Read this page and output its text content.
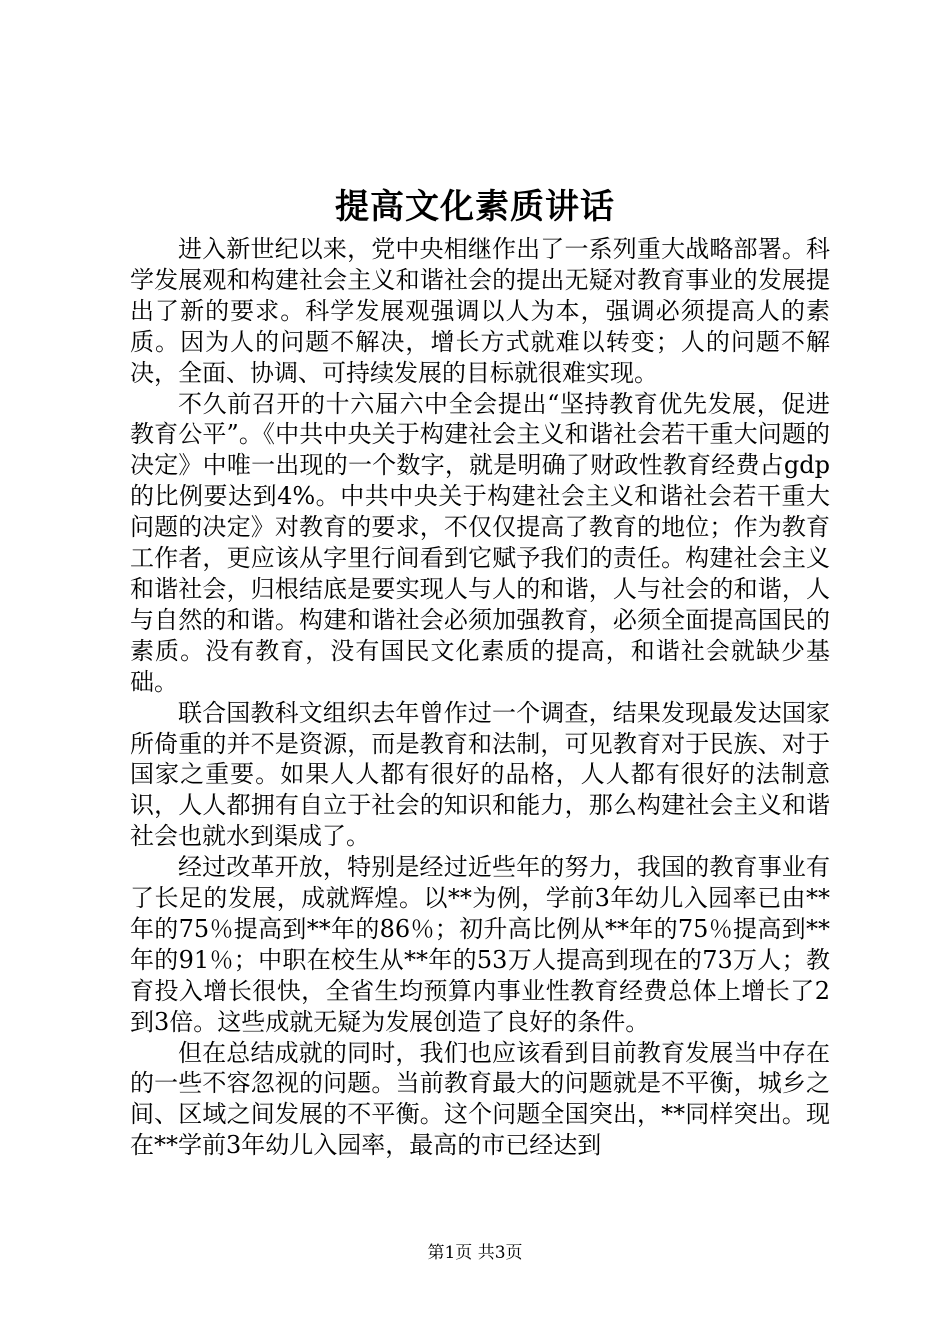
提高文化素质讲话

进入新世纪以来，党中央相继作出了一系列重大战略部署。科学发展观和构建社会主义和谐社会的提出无疑对教育事业的发展提出了新的要求。科学发展观强调以人为本，强调必须提高人的素质。因为人的问题不解决，增长方式就难以转变；人的问题不解决，全面、协调、可持续发展的目标就很难实现。

不久前召开的十六届六中全会提出“坚持教育优先发展，促进教育公平”。《中共中央关于构建社会主义和谐社会若干重大问题的决定》中唯一出现的一个数字，就是明确了财政性教育经费占gdp的比例要达到4%。中共中央关于构建社会主义和谐社会若干重大问题的决定》对教育的要求，不仅仅提高了教育的地位；作为教育工作者，更应该从字里行间看到它赋予我们的责任。构建社会主义和谐社会，归根结底是要实现人与人的和谐，人与社会的和谐，人与自然的和谐。构建和谐社会必须加强教育，必须全面提高国民的素质。没有教育，没有国民文化素质的提高，和谐社会就缺少基础。

联合国教科文组织去年曾作过一个调查，结果发现最发达国家所倚重的并不是资源，而是教育和法制，可见教育对于民族、对于国家之重要。如果人人都有很好的品格，人人都有很好的法制意识，人人都拥有自立于社会的知识和能力，那么构建社会主义和谐社会也就水到渠成了。

经过改革开放，特别是经过近些年的努力，我国的教育事业有了长足的发展，成就辉煌。以**为例，学前3年幼儿入园率已由**年的75％提高到**年的86％；初升高比例从**年的75％提高到**年的91％；中职在校生从**年的53万人提高到现在的73万人；教育投入增长很快，全省生均预算内事业性教育经费总体上增长了2到3倍。这些成就无疑为发展创造了良好的条件。

但在总结成就的同时，我们也应该看到目前教育发展当中存在的一些不容忽视的问题。当前教育最大的问题就是不平衡，城乡之间、区域之间发展的不平衡。这个问题全国突出，**同样突出。现在**学前3年幼儿入园率，最高的市已经达到

第1页 共3页
